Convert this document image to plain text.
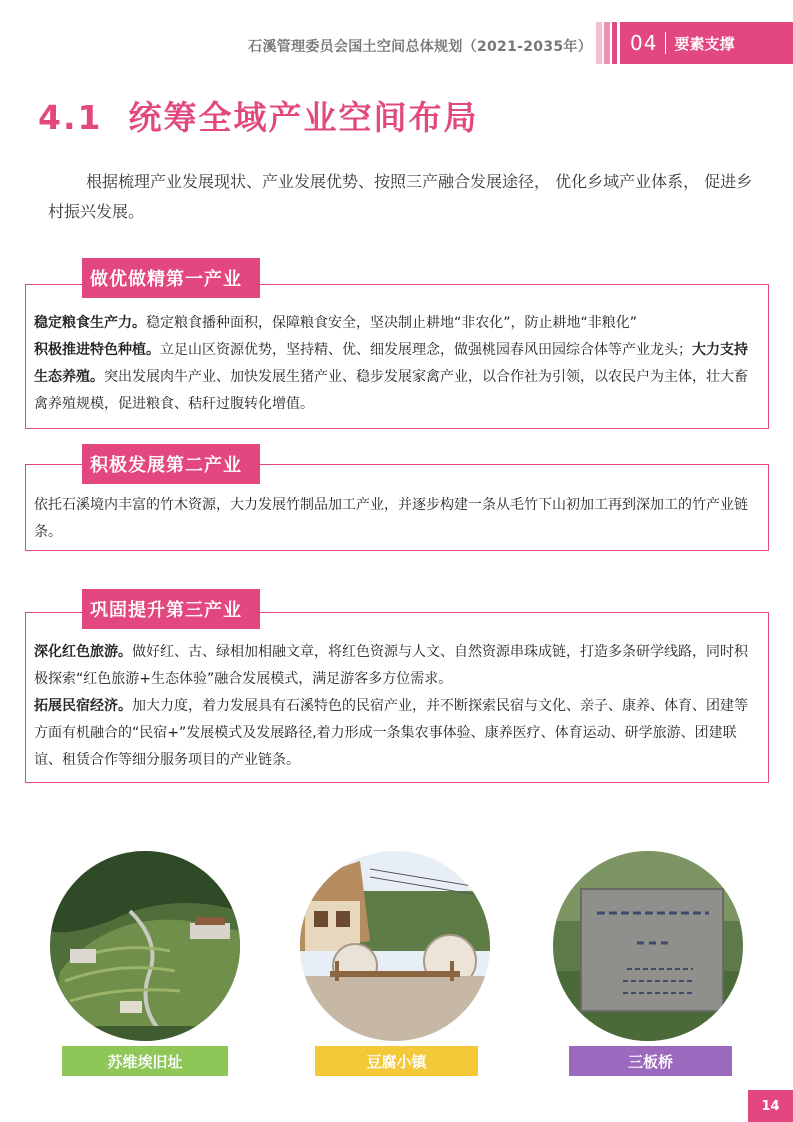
石溪管理委员会国土空间总体规划（2021-2035年） 04 要素支撑
4.1 统筹全域产业空间布局

根据梳理产业发展现状、产业发展优势、按照三产融合发展途径， 优化乡域产业体系， 促进乡村振兴发展。

做优做精第一产业

稳定粮食生产力。稳定粮食播种面积，保障粮食安全，坚决制止耕地“非农化”，防止耕地“非粮化”

积极推进特色种植。立足山区资源优势，坚持精、优、细发展理念，做强桃园春风田园综合体等产业龙头；大力支持生态养殖。突出发展肉牛产业、加快发展生猪产业、稳步发展家禽产业，以合作社为引领，以农民户为主体，壮大畜禽养殖规模，促进粮食、秸秆过腹转化增值。

积极发展第二产业

依托石溪境内丰富的竹木资源，大力发展竹制品加工产业，并逐步构建一条从毛竹下山初加工再到深加工的竹产业链条。

巩固提升第三产业

深化红色旅游。做好红、古、绿相加相融文章，将红色资源与人文、自然资源串珠成链，打造多条研学线路，同时积极探索“红色旅游+生态体验”融合发展模式，满足游客多方位需求。

拓展民宿经济。加大力度，着力发展具有石溪特色的民宿产业，并不断探索民宿与文化、亲子、康养、体育、团建等方面有机融合的“民宿+”发展模式及发展路径,着力形成一条集农事体验、康养医疗、体育运动、研学旅游、团建联谊、租赁合作等细分服务项目的产业链条。

苏维埃旧址	豆腐小镇	三板桥
14
